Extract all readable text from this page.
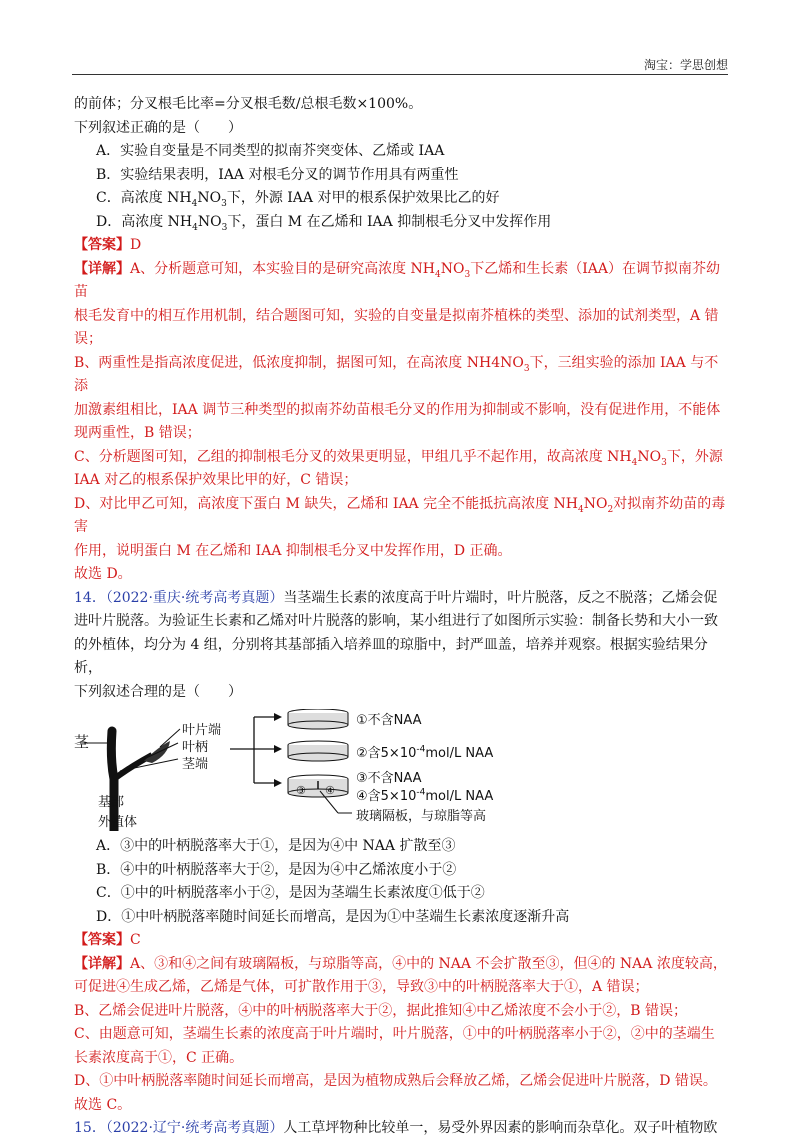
淘宝：学思创想

的前体；分叉根毛比率=分叉根毛数/总根毛数×100%。

下列叙述正确的是（　　）

A．实验自变量是不同类型的拟南芥突变体、乙烯或 IAA

B．实验结果表明，IAA 对根毛分叉的调节作用具有两重性

C．高浓度 $NH_4NO_3$下，外源 IAA 对甲的根系保护效果比乙的好

D．高浓度 $NH_4NO_3$下，蛋白 M 在乙烯和 IAA 抑制根毛分叉中发挥作用

【答案】D

【详解】A、分析题意可知，本实验目的是研究高浓度 $NH_4NO_3$下乙烯和生长素（IAA）在调节拟南芥幼苗

根毛发育中的相互作用机制，结合题图可知，实验的自变量是拟南芥植株的类型、添加的试剂类型，A 错

误；

B、两重性是指高浓度促进，低浓度抑制，据图可知，在高浓度 $NH4NO_3$下，三组实验的添加 IAA 与不添

加激素组相比，IAA 调节三种类型的拟南芥幼苗根毛分叉的作用为抑制或不影响，没有促进作用，不能体

现两重性，B 错误；

C、分析题图可知，乙组的抑制根毛分叉的效果更明显，甲组几乎不起作用，故高浓度 $NH_4NO_3$下，外源

IAA 对乙的根系保护效果比甲的好，C 错误；

D、对比甲乙可知，高浓度下蛋白 M 缺失，乙烯和 IAA 完全不能抵抗高浓度 $NH_4NO_2$对拟南芥幼苗的毒害

作用，说明蛋白 M 在乙烯和 IAA 抑制根毛分叉中发挥作用，D 正确。

故选 D。

14．（2022·重庆·统考高考真题）当茎端生长素的浓度高于叶片端时，叶片脱落，反之不脱落；乙烯会促

进叶片脱落。为验证生长素和乙烯对叶片脱落的影响，某小组进行了如图所示实验：制备长势和大小一致

的外植体，均分为 4 组，分别将其基部插入培养皿的琼脂中，封严皿盖，培养并观察。根据实验结果分析，

下列叙述合理的是（　　）

茎
叶片端
叶柄
茎端
基部
外植体
①不含NAA
②含$5\times 10^{-4}mol/L$ NAA
③不含NAA
④含$5\times 10^{-4}mol/L$ NAA
③ ④
玻璃隔板，与琼脂等高

A．③中的叶柄脱落率大于①，是因为④中 NAA 扩散至③

B．④中的叶柄脱落率大于②，是因为④中乙烯浓度小于②

C．①中的叶柄脱落率小于②，是因为茎端生长素浓度①低于②

D．①中叶柄脱落率随时间延长而增高，是因为①中茎端生长素浓度逐渐升高

【答案】C

【详解】A、③和④之间有玻璃隔板，与琼脂等高，④中的 NAA 不会扩散至③，但④的 NAA 浓度较高，

可促进④生成乙烯，乙烯是气体，可扩散作用于③，导致③中的叶柄脱落率大于①，A 错误；

B、乙烯会促进叶片脱落，④中的叶柄脱落率大于②，据此推知④中乙烯浓度不会小于②，B 错误；

C、由题意可知，茎端生长素的浓度高于叶片端时，叶片脱落，①中的叶柄脱落率小于②，②中的茎端生

长素浓度高于①，C 正确。

D、①中叶柄脱落率随时间延长而增高，是因为植物成熟后会释放乙烯，乙烯会促进叶片脱落，D 错误。

故选 C。

15．（2022·辽宁·统考高考真题）人工草坪物种比较单一，易受外界因素的影响而杂草化。双子叶植物欧
